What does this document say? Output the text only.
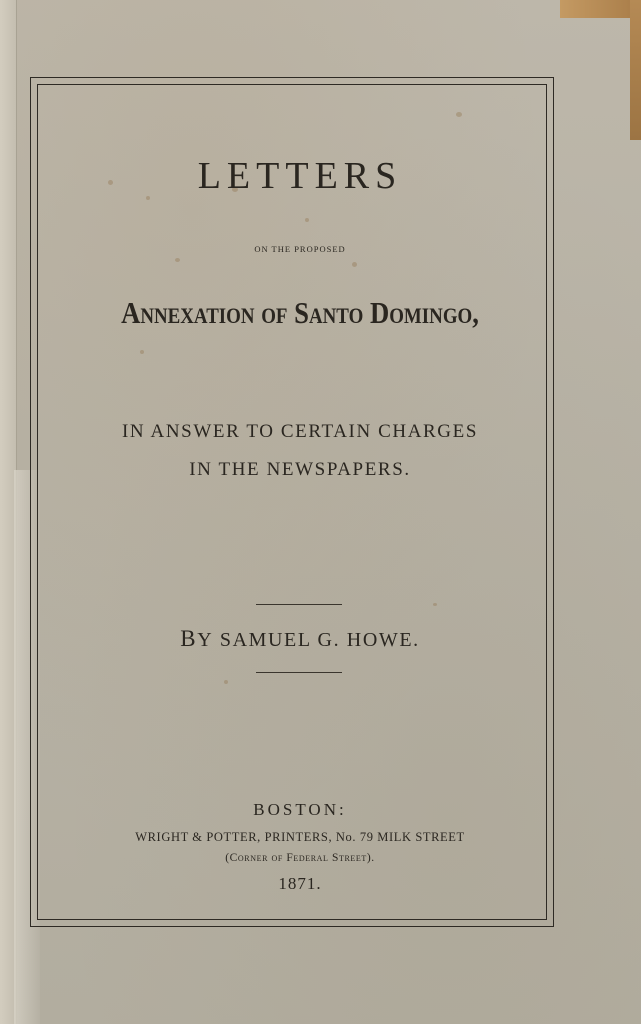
LETTERS
ON THE PROPOSED
Annexation of Santo Domingo,
IN ANSWER TO CERTAIN CHARGES
IN THE NEWSPAPERS.
BY SAMUEL G. HOWE.
BOSTON:
WRIGHT & POTTER, PRINTERS, No. 79 MILK STREET
(Corner of Federal Street).
1871.
